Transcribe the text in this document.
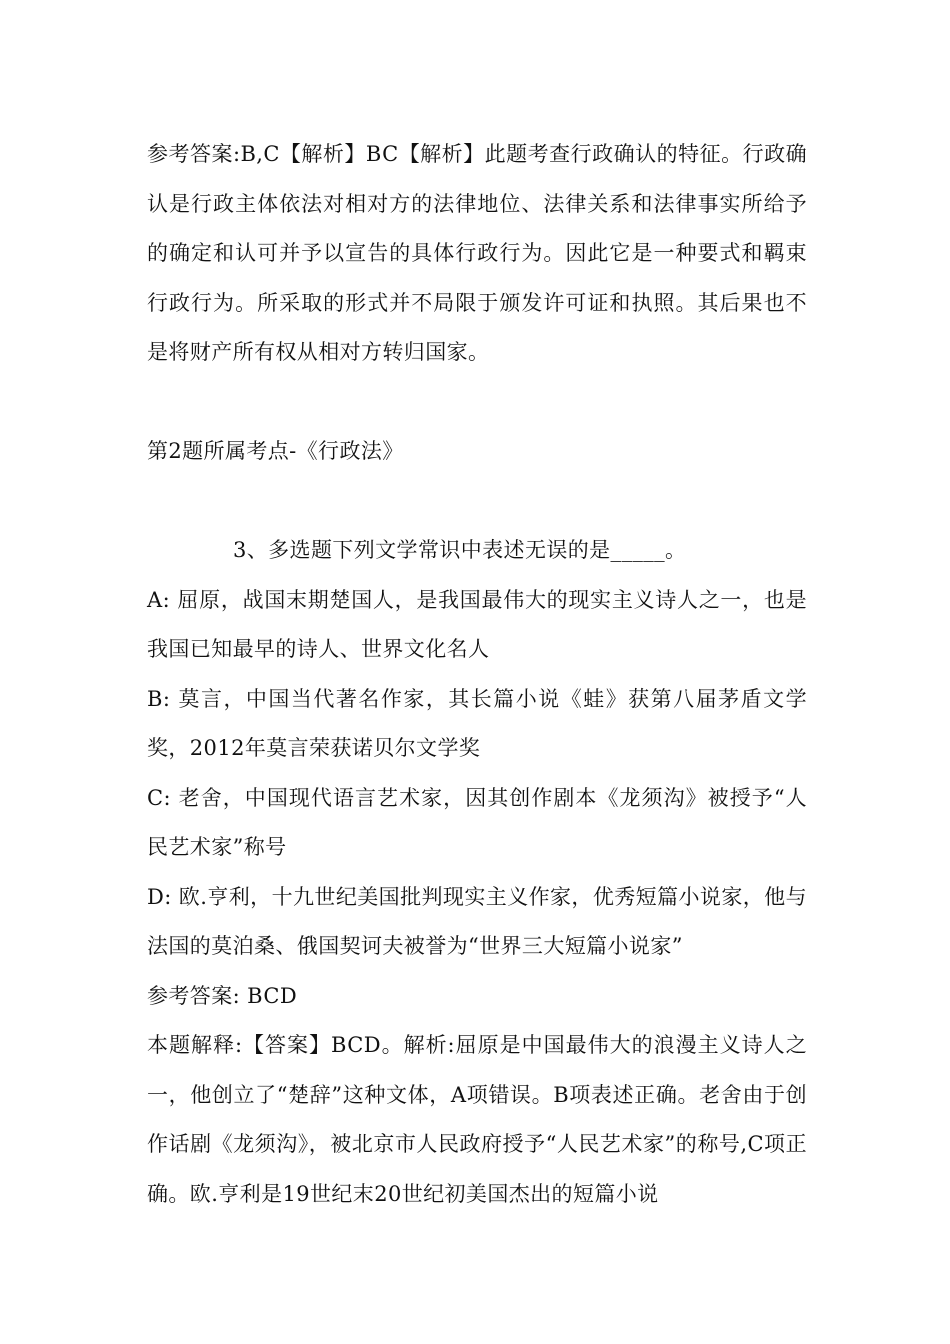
参考答案:B,C【解析】BC【解析】此题考查行政确认的特征。行政确认是行政主体依法对相对方的法律地位、法律关系和法律事实所给予的确定和认可并予以宣告的具体行政行为。因此它是一种要式和羁束行政行为。所采取的形式并不局限于颁发许可证和执照。其后果也不是将财产所有权从相对方转归国家。

第2题所属考点-《行政法》

3、多选题下列文学常识中表述无误的是_____。

A: 屈原，战国末期楚国人，是我国最伟大的现实主义诗人之一，也是我国已知最早的诗人、世界文化名人

B: 莫言，中国当代著名作家，其长篇小说《蛙》获第八届茅盾文学奖，2012年莫言荣获诺贝尔文学奖

C: 老舍，中国现代语言艺术家，因其创作剧本《龙须沟》被授予“人民艺术家”称号

D: 欧.亨利，十九世纪美国批判现实主义作家，优秀短篇小说家，他与法国的莫泊桑、俄国契诃夫被誉为“世界三大短篇小说家”

参考答案: BCD

本题解释:【答案】BCD。解析:屈原是中国最伟大的浪漫主义诗人之一，他创立了“楚辞”这种文体，A项错误。B项表述正确。老舍由于创作话剧《龙须沟》，被北京市人民政府授予“人民艺术家”的称号,C项正确。欧.亨利是19世纪末20世纪初美国杰出的短篇小说
